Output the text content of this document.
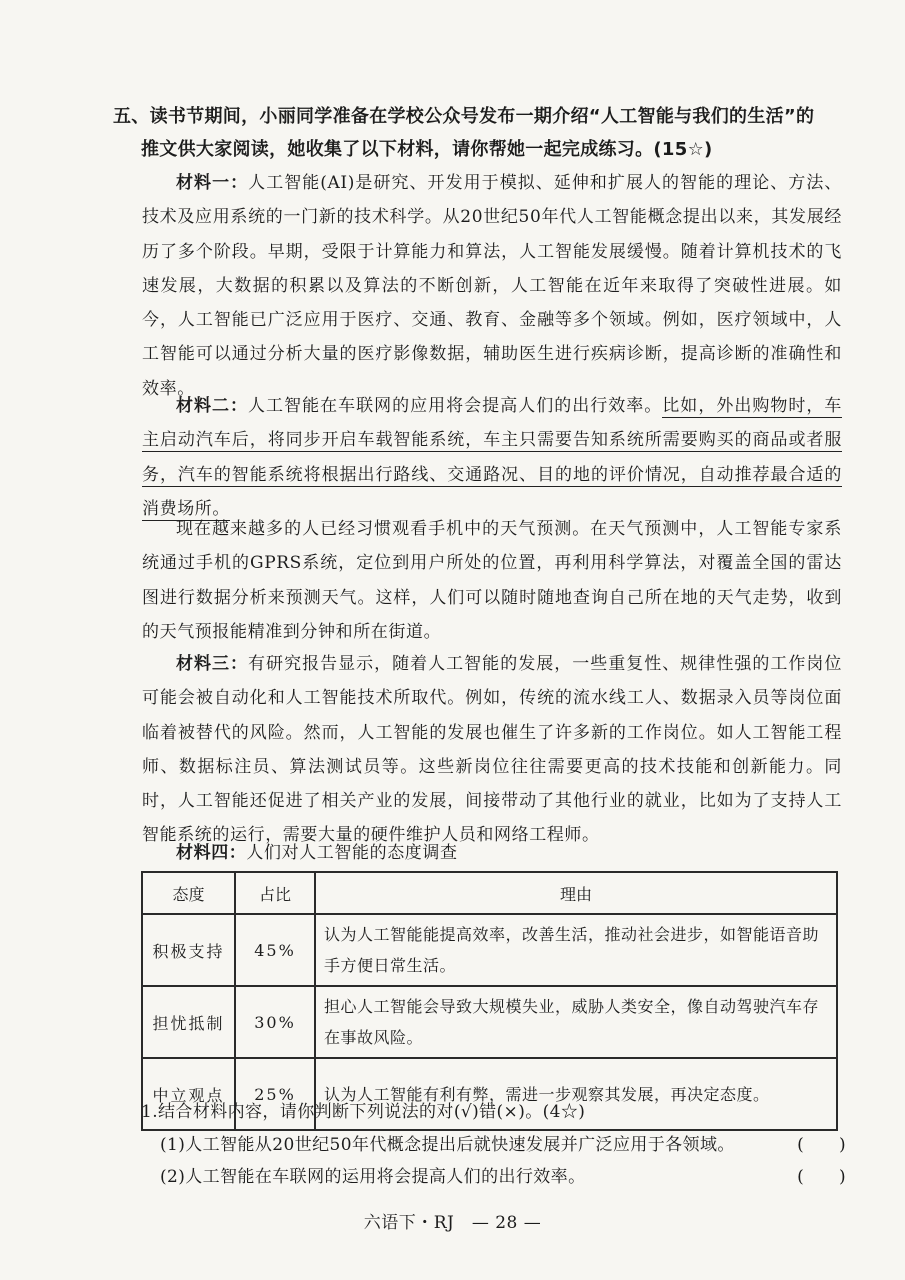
五、读书节期间，小丽同学准备在学校公众号发布一期介绍“人工智能与我们的生活”的
推文供大家阅读，她收集了以下材料，请你帮她一起完成练习。(15☆)
材料一：人工智能(AI)是研究、开发用于模拟、延伸和扩展人的智能的理论、方法、技术及应用系统的一门新的技术科学。从20世纪50年代人工智能概念提出以来，其发展经历了多个阶段。早期，受限于计算能力和算法，人工智能发展缓慢。随着计算机技术的飞速发展，大数据的积累以及算法的不断创新，人工智能在近年来取得了突破性进展。如今，人工智能已广泛应用于医疗、交通、教育、金融等多个领域。例如，医疗领域中，人工智能可以通过分析大量的医疗影像数据，辅助医生进行疾病诊断，提高诊断的准确性和效率。
材料二：人工智能在车联网的应用将会提高人们的出行效率。比如，外出购物时，车主启动汽车后，将同步开启车载智能系统，车主只需要告知系统所需要购买的商品或者服务，汽车的智能系统将根据出行路线、交通路况、目的地的评价情况，自动推荐最合适的消费场所。
现在越来越多的人已经习惯观看手机中的天气预测。在天气预测中，人工智能专家系统通过手机的GPRS系统，定位到用户所处的位置，再利用科学算法，对覆盖全国的雷达图进行数据分析来预测天气。这样，人们可以随时随地查询自己所在地的天气走势，收到的天气预报能精准到分钟和所在街道。
材料三：有研究报告显示，随着人工智能的发展，一些重复性、规律性强的工作岗位可能会被自动化和人工智能技术所取代。例如，传统的流水线工人、数据录入员等岗位面临着被替代的风险。然而，人工智能的发展也催生了许多新的工作岗位。如人工智能工程师、数据标注员、算法测试员等。这些新岗位往往需要更高的技术技能和创新能力。同时，人工智能还促进了相关产业的发展，间接带动了其他行业的就业，比如为了支持人工智能系统的运行，需要大量的硬件维护人员和网络工程师。
材料四：人们对人工智能的态度调查
态度	占比	理由
积极支持	45%	认为人工智能能提高效率，改善生活，推动社会进步，如智能语音助手方便日常生活。
担忧抵制	30%	担心人工智能会导致大规模失业，威胁人类安全，像自动驾驶汽车存在事故风险。
中立观点	25%	认为人工智能有利有弊，需进一步观察其发展，再决定态度。
1.结合材料内容，请你判断下列说法的对(√)错(×)。(4☆)
(1)人工智能从20世纪50年代概念提出后就快速发展并广泛应用于各领域。	(　　)
(2)人工智能在车联网的运用将会提高人们的出行效率。	(　　)
六语下・RJ　— 28 —
